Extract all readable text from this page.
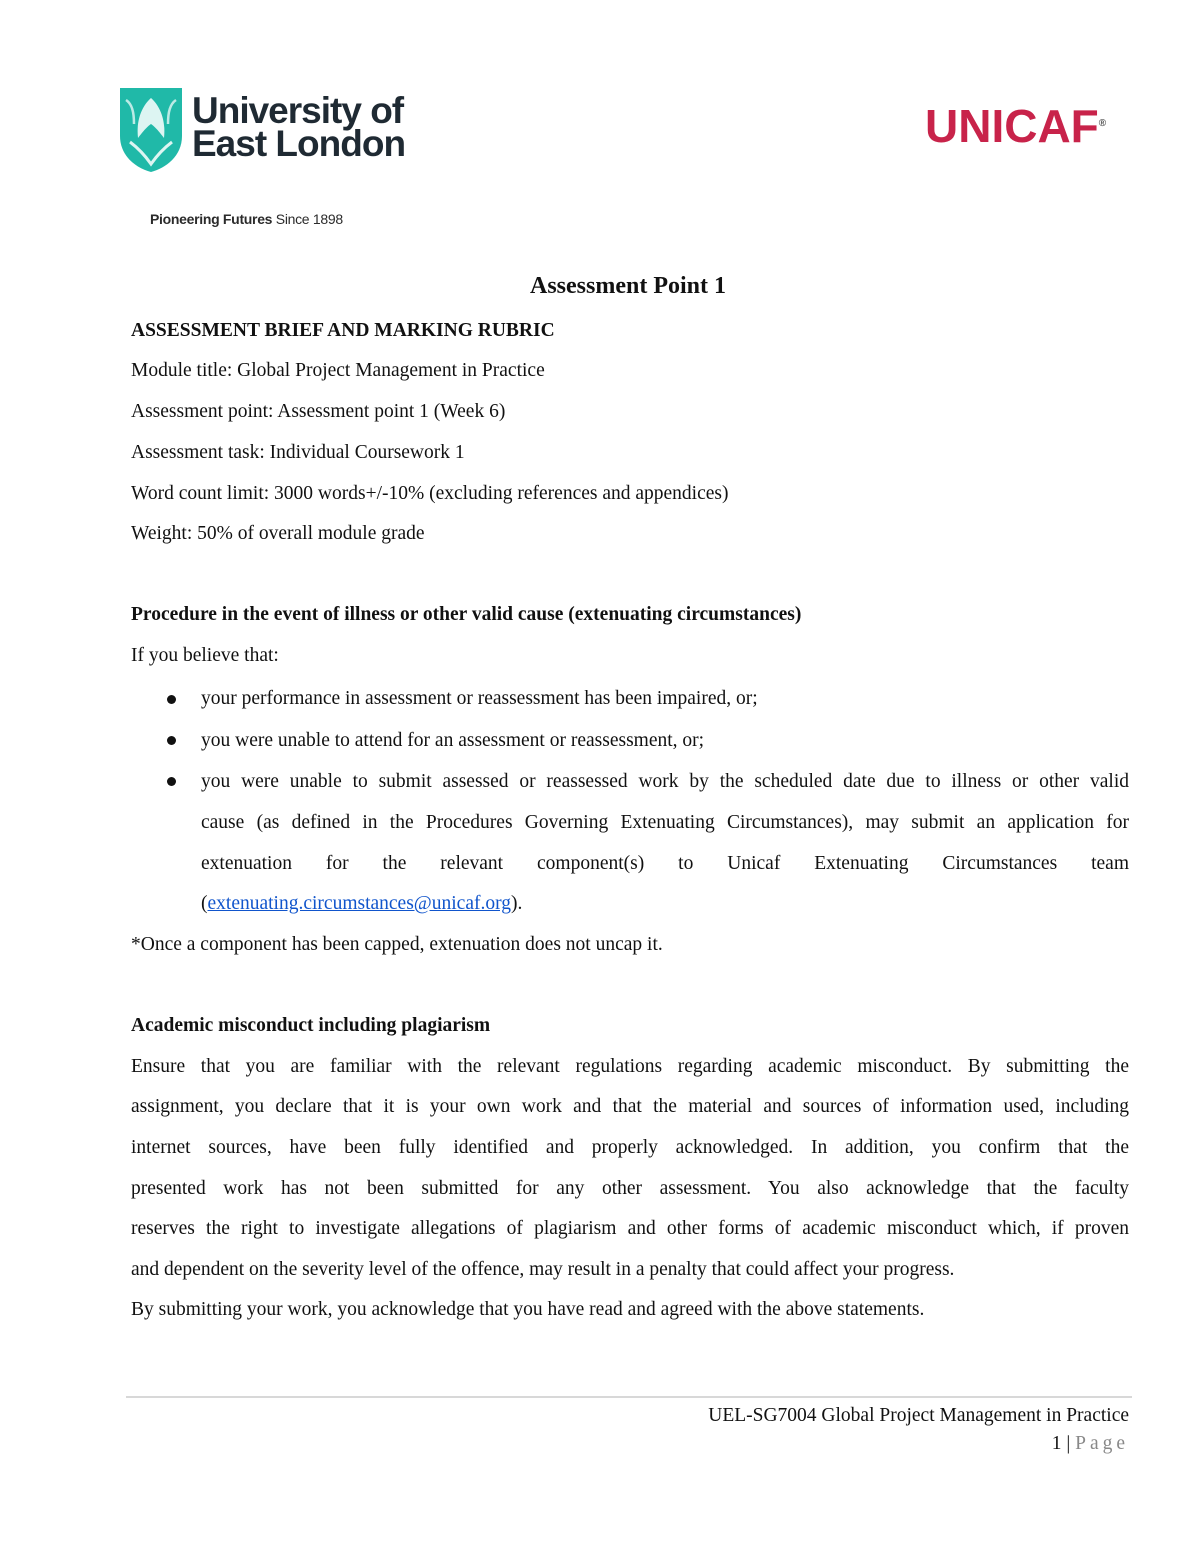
University of
East London
Pioneering Futures Since 1898
UNICAF®
Assessment Point 1
ASSESSMENT BRIEF AND MARKING RUBRIC
Module title: Global Project Management in Practice
Assessment point: Assessment point 1 (Week 6)
Assessment task: Individual Coursework 1
Word count limit: 3000 words+/-10% (excluding references and appendices)
Weight: 50% of overall module grade
Procedure in the event of illness or other valid cause (extenuating circumstances)
If you believe that:
your performance in assessment or reassessment has been impaired, or;
you were unable to attend for an assessment or reassessment, or;
you were unable to submit assessed or reassessed work by the scheduled date due to illness or other valid
cause (as defined in the Procedures Governing Extenuating Circumstances), may submit an application for
extenuation for the relevant component(s) to Unicaf Extenuating Circumstances team
(extenuating.circumstances@unicaf.org).
*Once a component has been capped, extenuation does not uncap it.
Academic misconduct including plagiarism
Ensure that you are familiar with the relevant regulations regarding academic misconduct. By submitting the
assignment, you declare that it is your own work and that the material and sources of information used, including
internet sources, have been fully identified and properly acknowledged. In addition, you confirm that the
presented work has not been submitted for any other assessment. You also acknowledge that the faculty
reserves the right to investigate allegations of plagiarism and other forms of academic misconduct which, if proven
and dependent on the severity level of the offence, may result in a penalty that could affect your progress.
By submitting your work, you acknowledge that you have read and agreed with the above statements.
UEL-SG7004 Global Project Management in Practice
1 | Page
